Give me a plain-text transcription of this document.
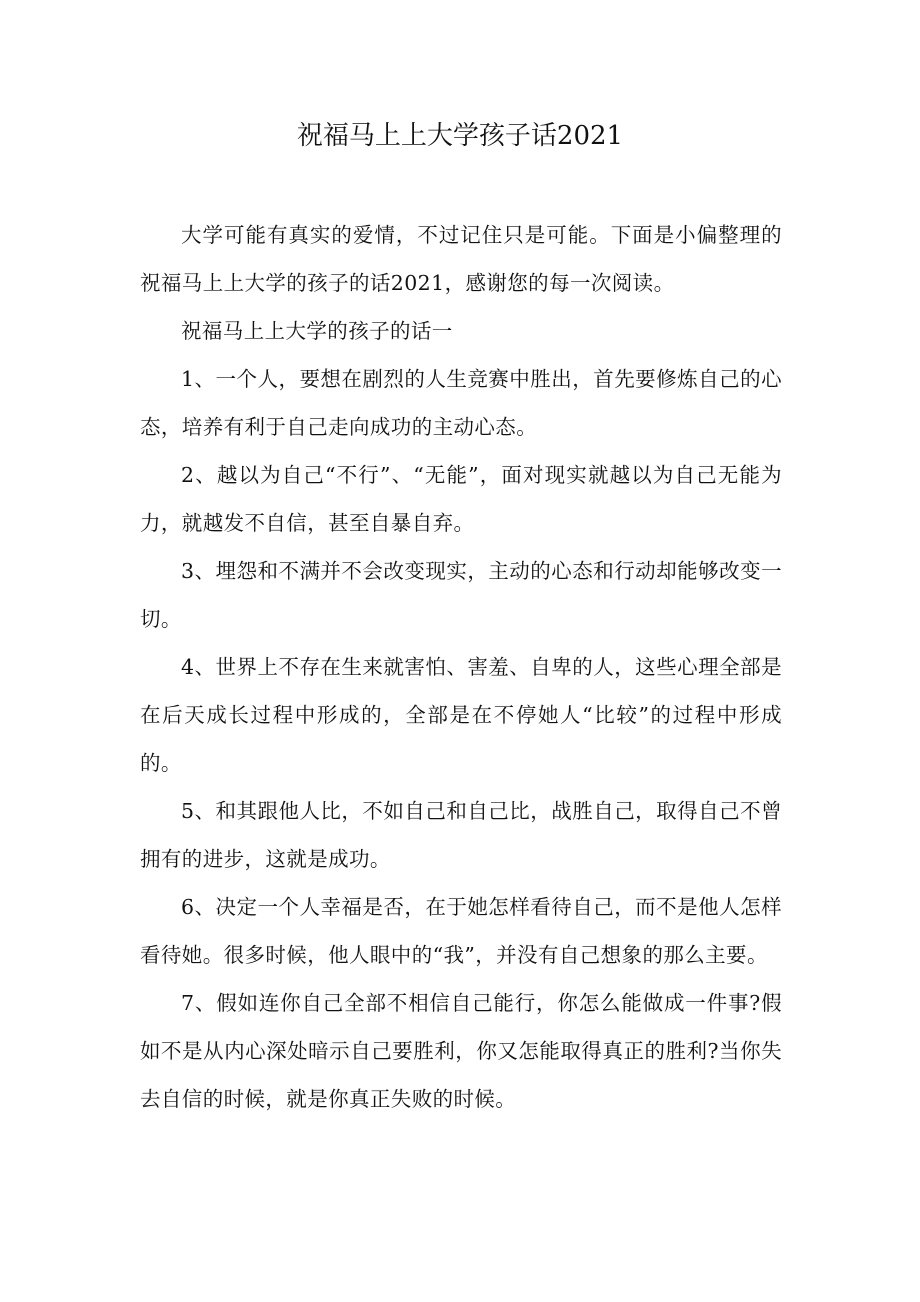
祝福马上上大学孩子话2021

大学可能有真实的爱情，不过记住只是可能。下面是小偏整理的祝福马上上大学的孩子的话2021，感谢您的每一次阅读。

祝福马上上大学的孩子的话一

1、一个人，要想在剧烈的人生竞赛中胜出，首先要修炼自己的心态，培养有利于自己走向成功的主动心态。

2、越以为自己“不行”、“无能”，面对现实就越以为自己无能为力，就越发不自信，甚至自暴自弃。

3、埋怨和不满并不会改变现实，主动的心态和行动却能够改变一切。

4、世界上不存在生来就害怕、害羞、自卑的人，这些心理全部是在后天成长过程中形成的，全部是在不停她人“比较”的过程中形成的。

5、和其跟他人比，不如自己和自己比，战胜自己，取得自己不曾拥有的进步，这就是成功。

6、决定一个人幸福是否，在于她怎样看待自己，而不是他人怎样看待她。很多时候，他人眼中的“我”，并没有自己想象的那么主要。

7、假如连你自己全部不相信自己能行，你怎么能做成一件事?假如不是从内心深处暗示自己要胜利，你又怎能取得真正的胜利?当你失去自信的时候，就是你真正失败的时候。
